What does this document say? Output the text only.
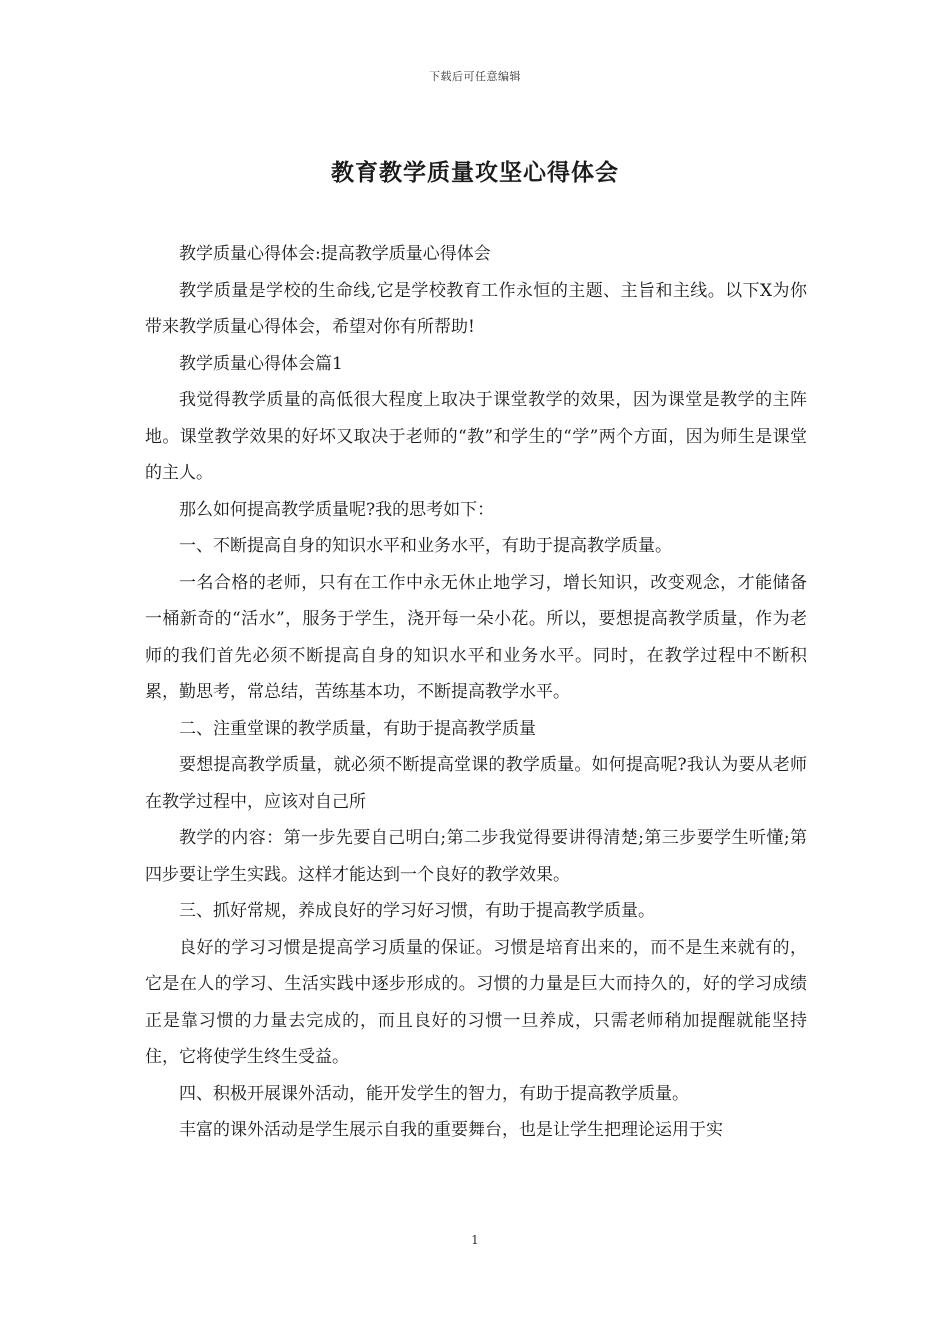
下载后可任意编辑
教育教学质量攻坚心得体会

教学质量心得体会:提高教学质量心得体会

教学质量是学校的生命线,它是学校教育工作永恒的主题、主旨和主线。以下X为你带来教学质量心得体会，希望对你有所帮助!

教学质量心得体会篇1

我觉得教学质量的高低很大程度上取决于课堂教学的效果，因为课堂是教学的主阵地。课堂教学效果的好坏又取决于老师的“教”和学生的“学”两个方面，因为师生是课堂的主人。

那么如何提高教学质量呢?我的思考如下：

一、不断提高自身的知识水平和业务水平，有助于提高教学质量。

一名合格的老师，只有在工作中永无休止地学习，增长知识，改变观念，才能储备一桶新奇的“活水”，服务于学生，浇开每一朵小花。所以，要想提高教学质量，作为老师的我们首先必须不断提高自身的知识水平和业务水平。同时，在教学过程中不断积累，勤思考，常总结，苦练基本功，不断提高教学水平。

二、注重堂课的教学质量，有助于提高教学质量

要想提高教学质量，就必须不断提高堂课的教学质量。如何提高呢?我认为要从老师在教学过程中，应该对自己所

教学的内容：第一步先要自己明白;第二步我觉得要讲得清楚;第三步要学生听懂;第四步要让学生实践。这样才能达到一个良好的教学效果。

三、抓好常规，养成良好的学习好习惯，有助于提高教学质量。

良好的学习习惯是提高学习质量的保证。习惯是培育出来的，而不是生来就有的，它是在人的学习、生活实践中逐步形成的。习惯的力量是巨大而持久的，好的学习成绩正是靠习惯的力量去完成的，而且良好的习惯一旦养成，只需老师稍加提醒就能坚持住，它将使学生终生受益。

四、积极开展课外活动，能开发学生的智力，有助于提高教学质量。

丰富的课外活动是学生展示自我的重要舞台，也是让学生把理论运用于实

1
